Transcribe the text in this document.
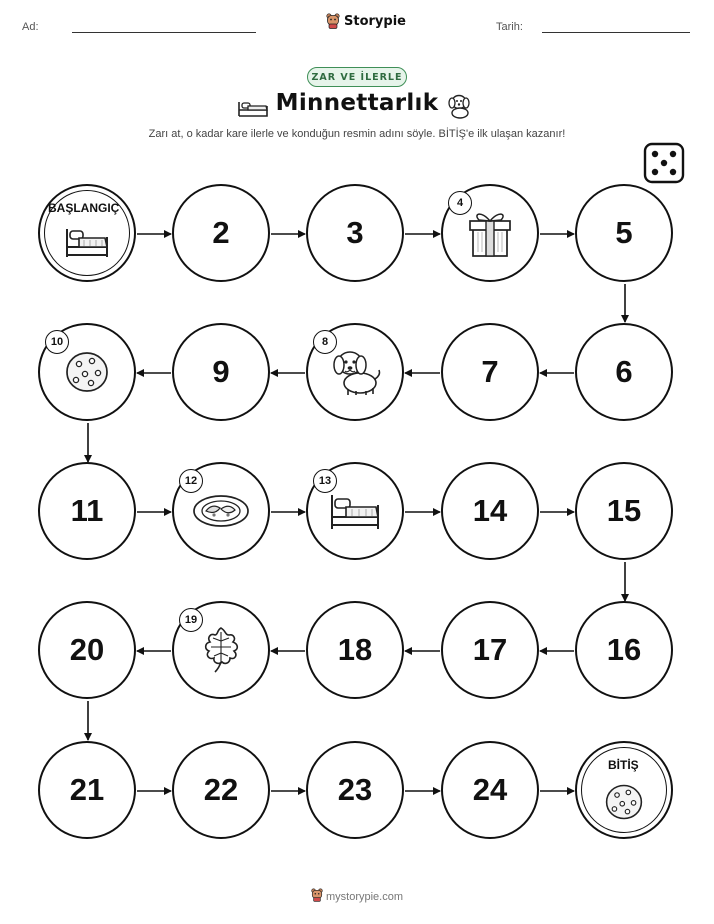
Ad:	Storypie	Tarih:
ZAR VE İLERLE
Minnettarlık
Zarı at, o kadar kare ilerle ve konduğun resmin adını söyle. BİTİŞ'e ilk ulaşan kazanır!
BAŞLANGIÇ
2	3
4
5
10
9
8
7	6
11
12	13
14	15
20
19
18	17	16
21	22	23	24
BİTİŞ
mystorypie.com
